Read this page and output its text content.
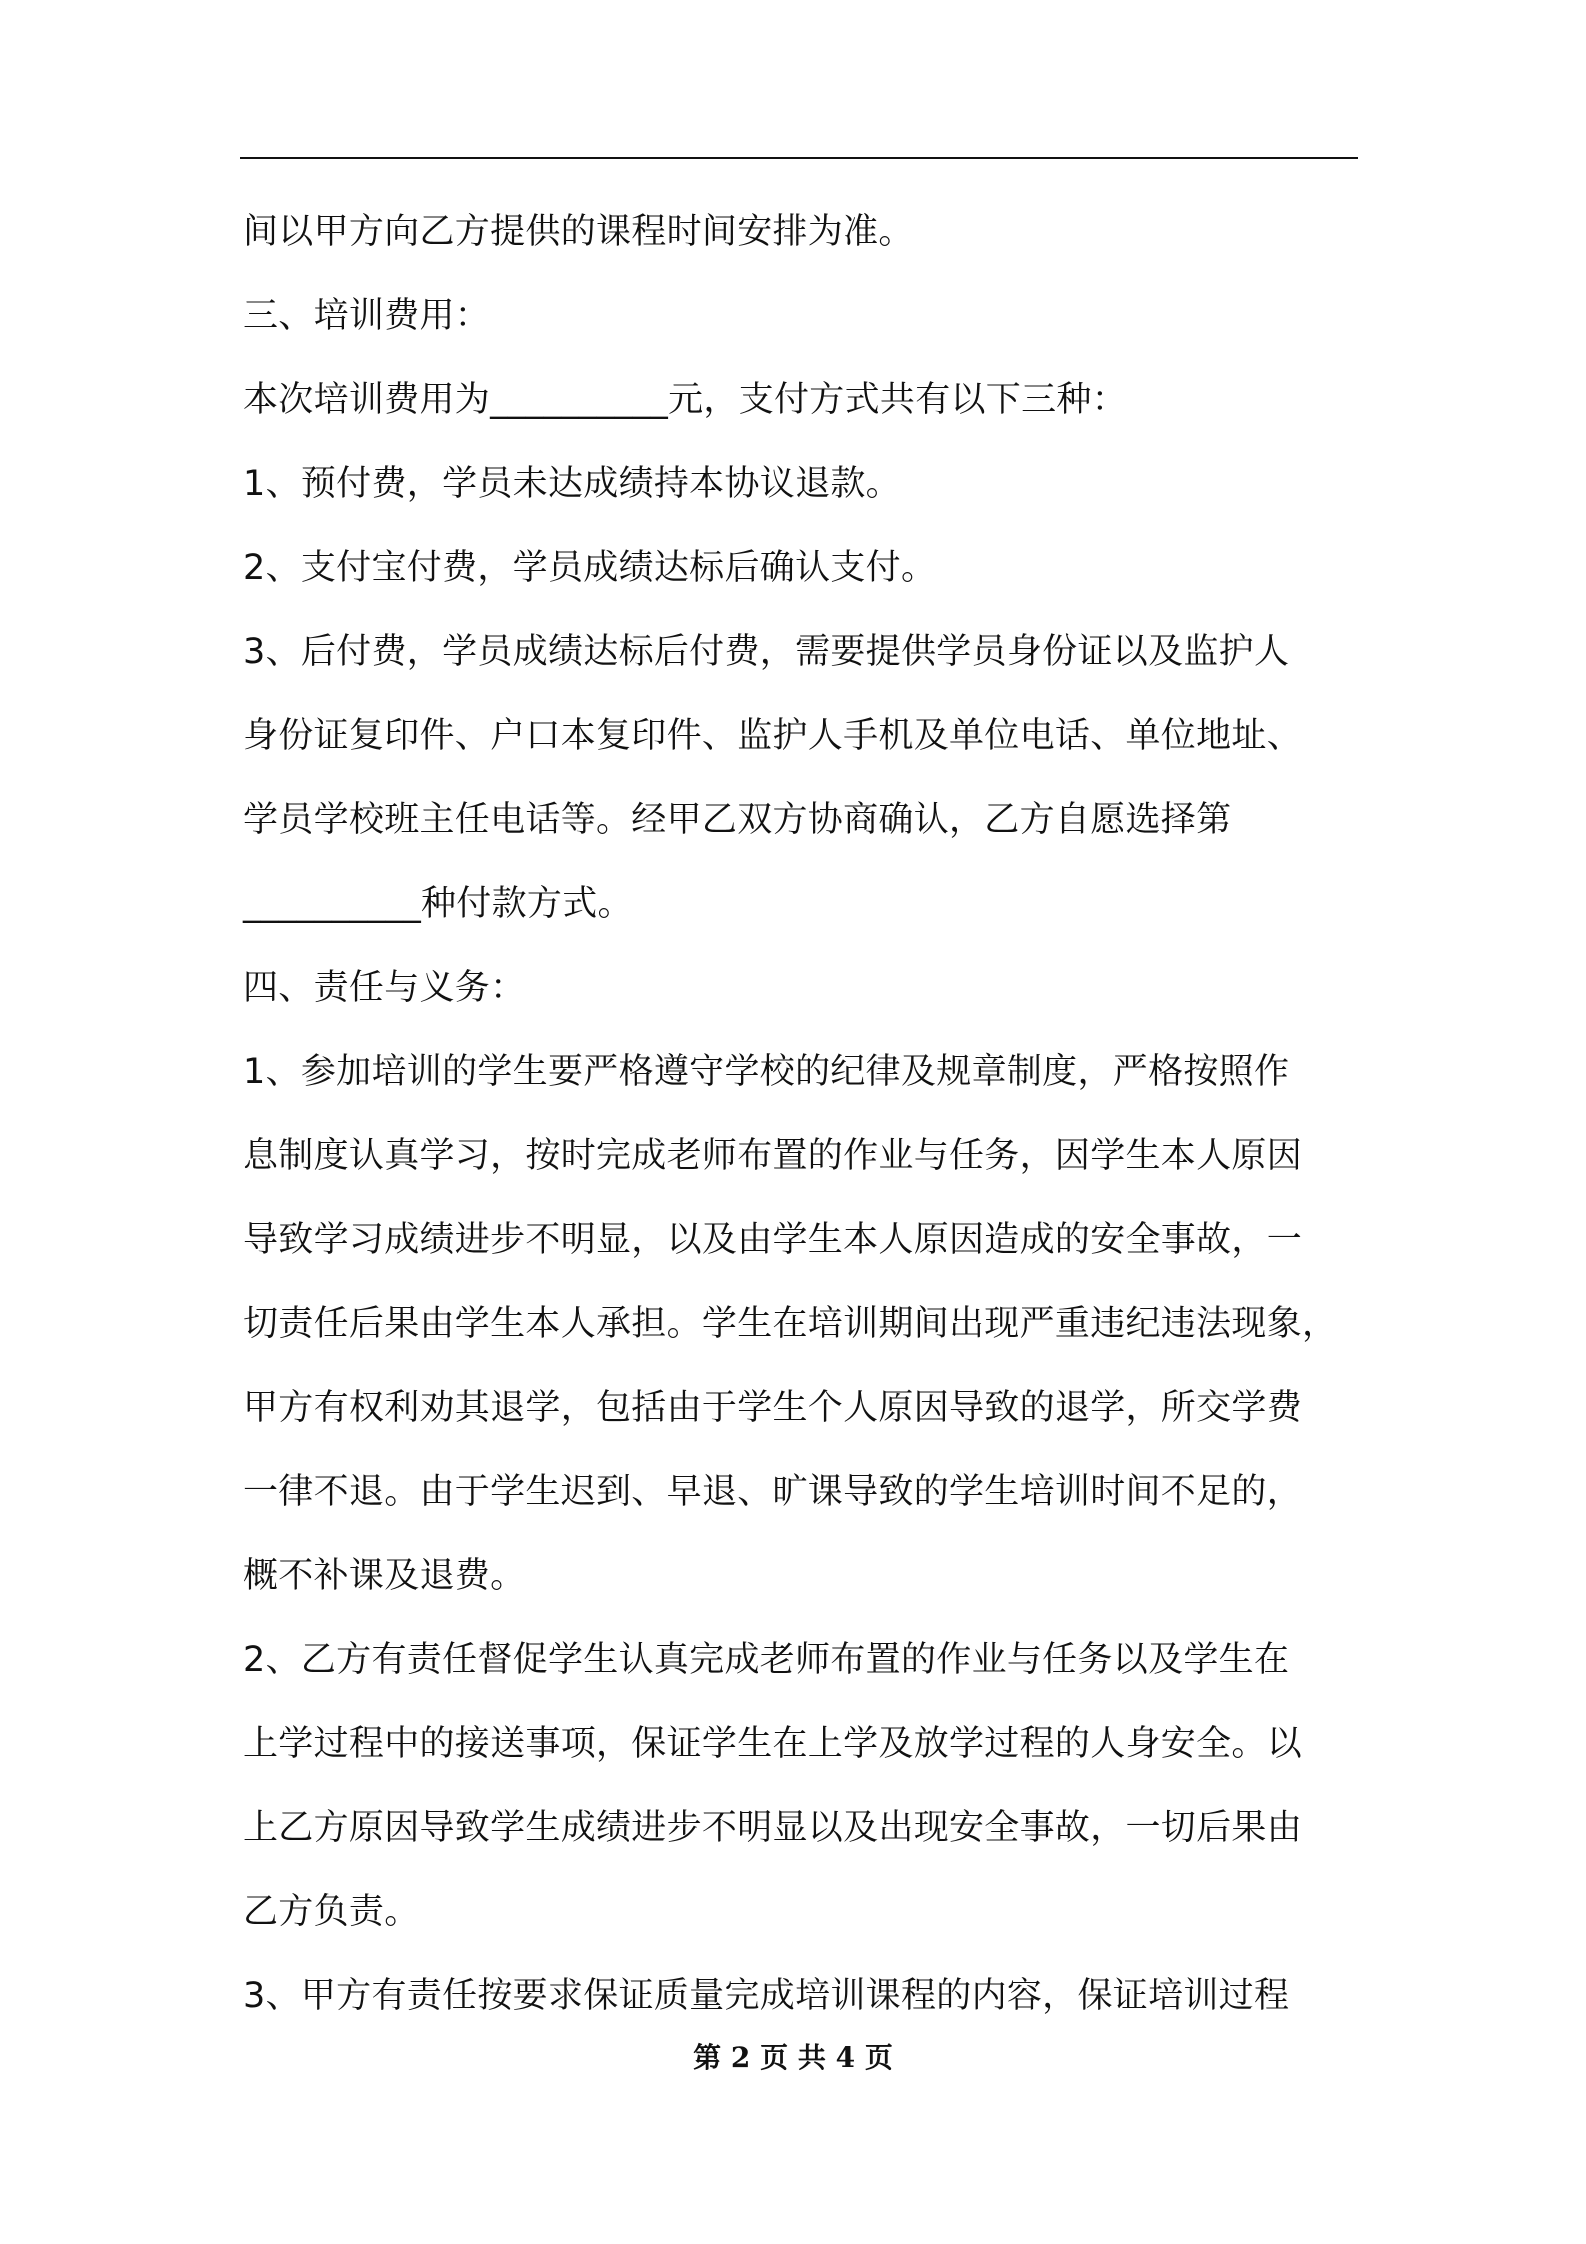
间以甲方向乙方提供的课程时间安排为准。
三、培训费用：
本次培训费用为__________元，支付方式共有以下三种：
1、预付费，学员未达成绩持本协议退款。
2、支付宝付费，学员成绩达标后确认支付。
3、后付费，学员成绩达标后付费，需要提供学员身份证以及监护人
身份证复印件、户口本复印件、监护人手机及单位电话、单位地址、
学员学校班主任电话等。经甲乙双方协商确认，乙方自愿选择第
__________种付款方式。
四、责任与义务：
1、参加培训的学生要严格遵守学校的纪律及规章制度，严格按照作
息制度认真学习，按时完成老师布置的作业与任务，因学生本人原因
导致学习成绩进步不明显，以及由学生本人原因造成的安全事故，一
切责任后果由学生本人承担。学生在培训期间出现严重违纪违法现象，
甲方有权利劝其退学，包括由于学生个人原因导致的退学，所交学费
一律不退。由于学生迟到、早退、旷课导致的学生培训时间不足的，
概不补课及退费。
2、乙方有责任督促学生认真完成老师布置的作业与任务以及学生在
上学过程中的接送事项，保证学生在上学及放学过程的人身安全。以
上乙方原因导致学生成绩进步不明显以及出现安全事故，一切后果由
乙方负责。
3、甲方有责任按要求保证质量完成培训课程的内容，保证培训过程
第 2 页 共 4 页
